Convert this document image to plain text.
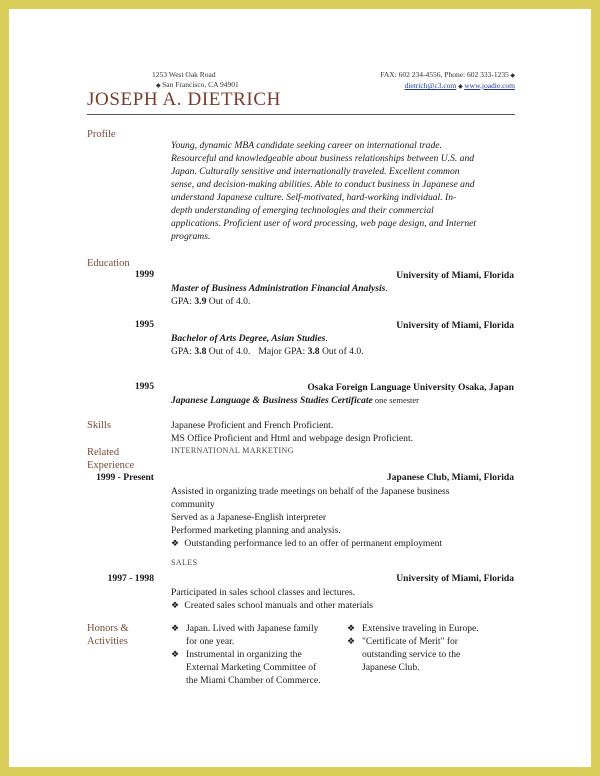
1253 West Oak Road
◆ San Francisco, CA 94901
FAX: 602 234-4556, Phone: 602 333-1235 ◆
dietrich@c3.com ◆ www.joadie.com
JOSEPH A. DIETRICH
Profile
Young, dynamic MBA candidate seeking career on international trade.
Resourceful and knowledgeable about business relationships between U.S. and
Japan. Culturally sensitive and internationally traveled. Excellent common
sense, and decision-making abilities. Able to conduct business in Japanese and
understand Japanese culture. Self-motivated, hard-working individual. In-
depth understanding of emerging technologies and their commercial
applications. Proficient user of word processing, web page design, and Internet
programs.
Education
1999	University of Miami, Florida
Master of Business Administration Financial Analysis.
GPA: 3.9 Out of 4.0.
1995	University of Miami, Florida
Bachelor of Arts Degree, Asian Studies.
GPA: 3.8 Out of 4.0. Major GPA: 3.8 Out of 4.0.
1995	Osaka Foreign Language University Osaka, Japan
Japanese Language & Business Studies Certificate one semester
Skills	Japanese Proficient and French Proficient.
MS Office Proficient and Html and webpage design Proficient.
Related
Experience
INTERNATIONAL MARKETING
1999 - Present	Japanese Club, Miami, Florida
Assisted in organizing trade meetings on behalf of the Japanese business
community
Served as a Japanese-English interpreter
Performed marketing planning and analysis.
❖ Outstanding performance led to an offer of permanent employment
SALES
1997 - 1998	University of Miami, Florida
Participated in sales school classes and lectures.
❖ Created sales school manuals and other materials
Honors &
Activities
❖ Japan. Lived with Japanese family
for one year.
❖ Instrumental in organizing the
External Marketing Committee of
the Miami Chamber of Commerce.
❖ Extensive traveling in Europe.
❖ "Certificate of Merit" for
outstanding service to the
Japanese Club.
